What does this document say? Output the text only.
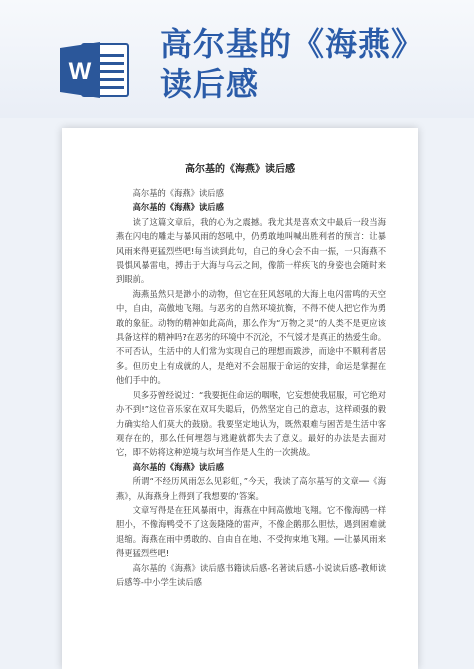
W
高尔基的《海燕》
读后感
高尔基的《海燕》读后感

高尔基的《海燕》读后感

高尔基的《海燕》读后感

读了这篇文章后，我的心为之震撼。我尤其是喜欢文中最后一段当海燕在闪电的雕走与暴风雨的怒吼中，仍勇敢地叫喊出胜利者的预言：让暴风雨来得更猛烈些吧!每当读到此句，自己的身心会不由一振，一只海燕不畏惧风暴雷电，搏击于大海与乌云之间，像箭一样疾飞的身姿也会随时来到眼前。

海燕虽然只是渺小的动物，但它在狂风怒吼的大海上电闪雷鸣的天空中，自由，高傲地飞翔。与恶劣的自然环境抗衡，不得不使人把它作为勇敢的象征。动物的精神如此高尚，那么作为“万物之灵”的人类不是更应该具备这样的精神吗?在恶劣的环境中不沉沦，不气馁才是真正的热爱生命。不可否认，生活中的人们常为实现自己的理想而跋涉，而途中不顺利者居多。但历史上有成就的人，是绝对不会屈服于命运的安排，命运是掌握在他们手中的。

贝多芬曾经说过：“我要扼住命运的咽喉，它妄想使我屈服，可它绝对办不到!”这位音乐家在双耳失聪后，仍然坚定自己的意志，这样顽强的毅力确实给人们莫大的鼓励。我要坚定地认为，既然艰难与困苦是生活中客观存在的，那么任何埋怨与逃避就都失去了意义。最好的办法是去面对它，即不妨将这种逆境与坎坷当作是人生的一次挑战。

高尔基的《海燕》读后感

所谓“不经历风雨怎么见彩虹，”今天，我读了高尔基写的文章──《海燕》，从海燕身上得到了我想要的‘答案。

文章写得是在狂风暴雨中，海燕在中间高傲地飞翔。它不像海鸥一样胆小，不像海鸭受不了这轰隆隆的雷声，不像企鹅那么胆怯，遇到困难就退缩。海燕在雨中勇敢的、自由自在地、不受拘束地飞翔。──让暴风雨来得更猛烈些吧!

高尔基的《海燕》读后感书籍读后感-名著读后感-小说读后感-教师读后感等-中小学生读后感
